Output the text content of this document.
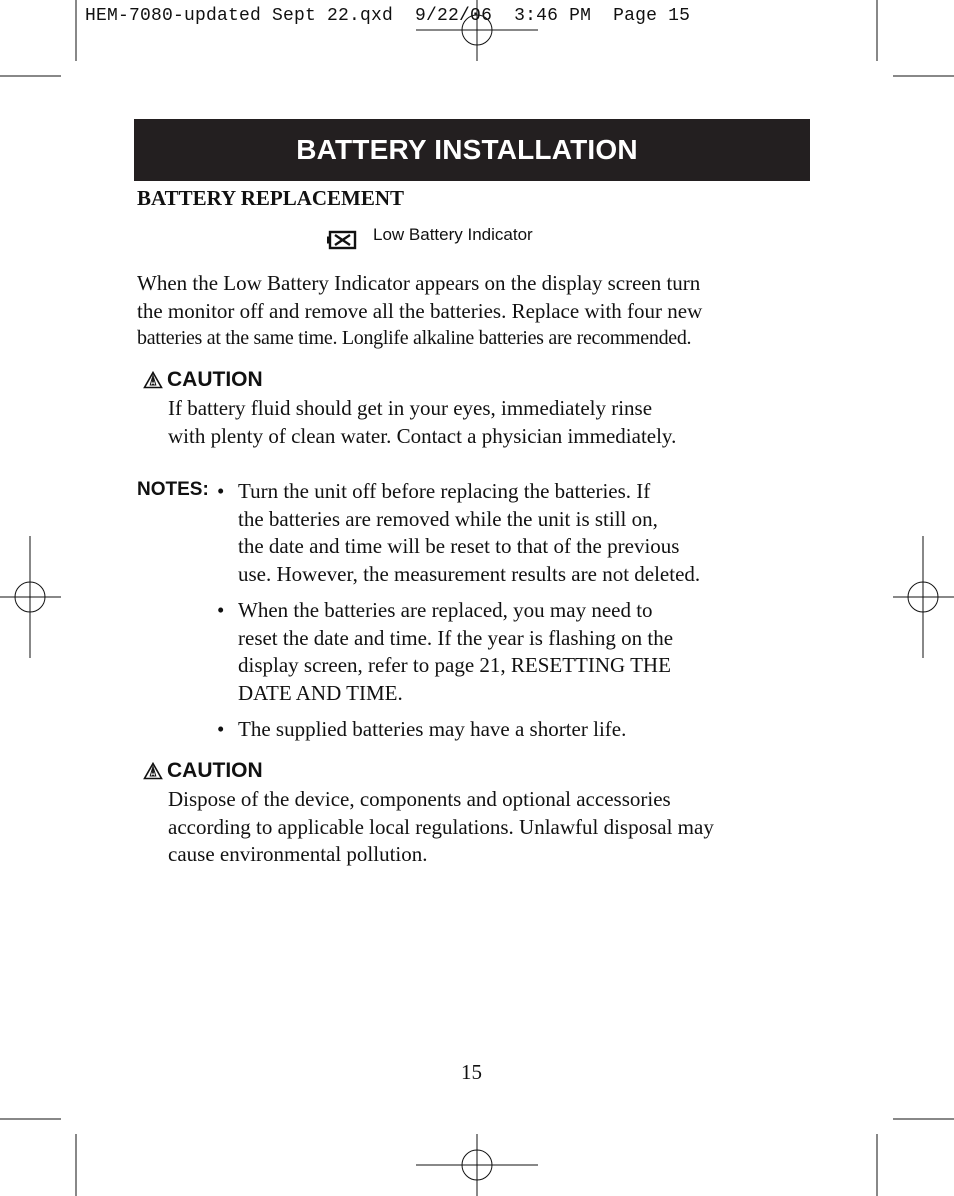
HEM-7080-updated Sept 22.qxd  9/22/06  3:46 PM  Page 15
BATTERY INSTALLATION
BATTERY REPLACEMENT
Low Battery Indicator
When the Low Battery Indicator appears on the display screen turn
the monitor off and remove all the batteries. Replace with four new
batteries at the same time. Longlife alkaline batteries are recommended.
CAUTION
If battery fluid should get in your eyes, immediately rinse
with plenty of clean water. Contact a physician immediately.
NOTES: • Turn the unit off before replacing the batteries. If
the batteries are removed while the unit is still on,
the date and time will be reset to that of the previous
use. However, the measurement results are not deleted.
• When the batteries are replaced, you may need to
reset the date and time. If the year is flashing on the
display screen, refer to page 21, RESETTING THE
DATE AND TIME.
• The supplied batteries may have a shorter life.
CAUTION
Dispose of the device, components and optional accessories
according to applicable local regulations. Unlawful disposal may
cause environmental pollution.
15
